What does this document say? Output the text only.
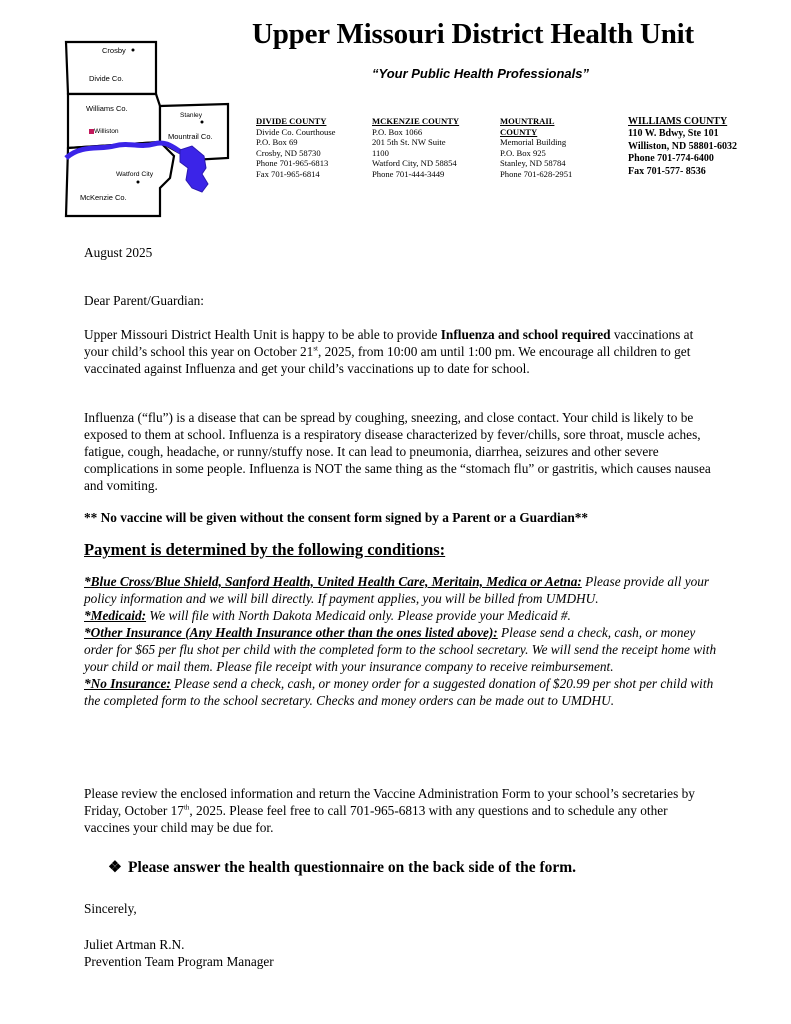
Crosby
Divide Co.
Williams Co.
Williston
Stanley
Mountrail Co.
Watford City
McKenzie Co.
Upper Missouri District Health Unit
“Your Public Health Professionals”
DIVIDE COUNTY
Divide Co. Courthouse
P.O. Box 69
Crosby, ND 58730
Phone 701-965-6813
Fax 701-965-6814
MCKENZIE COUNTY
P.O. Box 1066
201 5th St. NW Suite
1100
Watford City, ND 58854
Phone 701-444-3449
MOUNTRAIL COUNTY
Memorial Building
P.O. Box 925
Stanley, ND 58784
Phone 701-628-2951
WILLIAMS COUNTY
110 W. Bdwy, Ste 101
Williston, ND 58801-6032
Phone 701-774-6400
Fax 701-577- 8536
August 2025
Dear Parent/Guardian:
Upper Missouri District Health Unit is happy to be able to provide Influenza and school required vaccinations at your child’s school this year on October 21st, 2025, from 10:00 am until 1:00 pm. We encourage all children to get vaccinated against Influenza and get your child’s vaccinations up to date for school.
Influenza (“flu”) is a disease that can be spread by coughing, sneezing, and close contact. Your child is likely to be exposed to them at school. Influenza is a respiratory disease characterized by fever/chills, sore throat, muscle aches, fatigue, cough, headache, or runny/stuffy nose. It can lead to pneumonia, diarrhea, seizures and other severe complications in some people. Influenza is NOT the same thing as the “stomach flu” or gastritis, which causes nausea and vomiting.
** No vaccine will be given without the consent form signed by a Parent or a Guardian**
Payment is determined by the following conditions:
*Blue Cross/Blue Shield, Sanford Health, United Health Care, Meritain, Medica or Aetna: Please provide all your policy information and we will bill directly. If payment applies, you will be billed from UMDHU.
*Medicaid: We will file with North Dakota Medicaid only. Please provide your Medicaid #.
*Other Insurance (Any Health Insurance other than the ones listed above): Please send a check, cash, or money order for $65 per flu shot per child with the completed form to the school secretary. We will send the receipt home with your child or mail them. Please file receipt with your insurance company to receive reimbursement.
*No Insurance: Please send a check, cash, or money order for a suggested donation of $20.99 per shot per child with the completed form to the school secretary. Checks and money orders can be made out to UMDHU.
Please review the enclosed information and return the Vaccine Administration Form to your school’s secretaries by Friday, October 17th, 2025. Please feel free to call 701-965-6813 with any questions and to schedule any other vaccines your child may be due for.
❖ Please answer the health questionnaire on the back side of the form.
Sincerely,
Juliet Artman R.N.
Prevention Team Program Manager
